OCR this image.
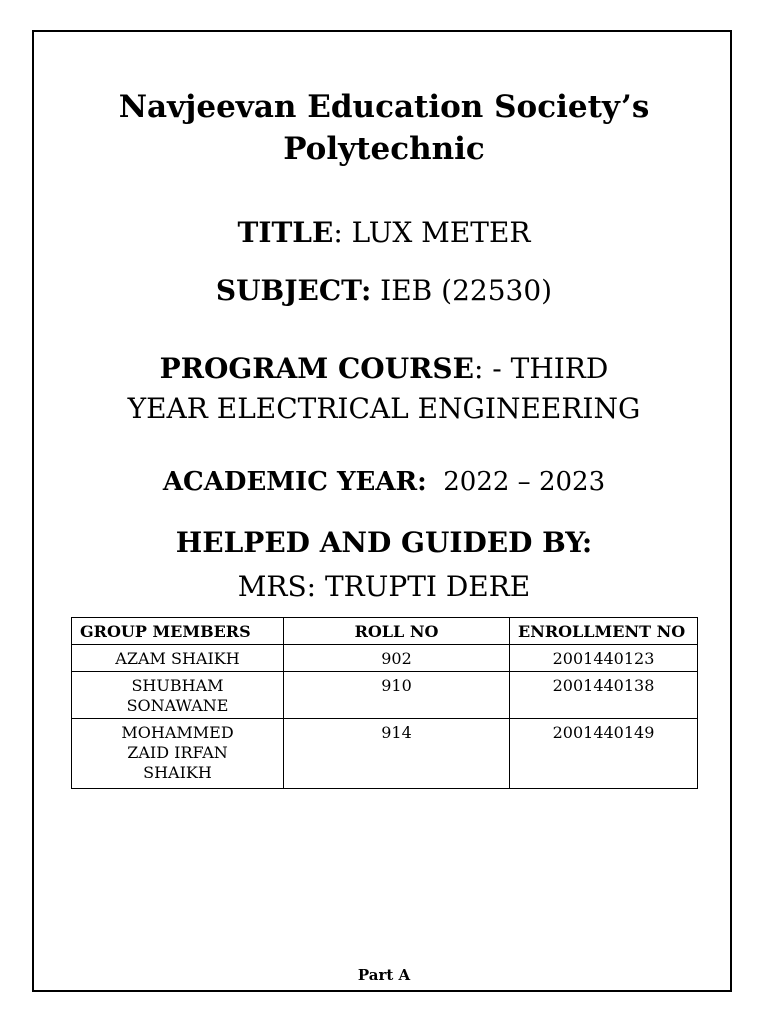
Navjeevan Education Society’s
Polytechnic
TITLE: LUX METER
SUBJECT: IEB (22530)
PROGRAM COURSE: - THIRD
YEAR ELECTRICAL ENGINEERING
ACADEMIC YEAR:  2022 – 2023
HELPED AND GUIDED BY:
MRS: TRUPTI DERE
GROUP MEMBERS	ROLL NO	ENROLLMENT NO
AZAM SHAIKH	902	2001440123
SHUBHAM SONAWANE	910	2001440138
MOHAMMED ZAID IRFAN SHAIKH	914	2001440149
Part A
